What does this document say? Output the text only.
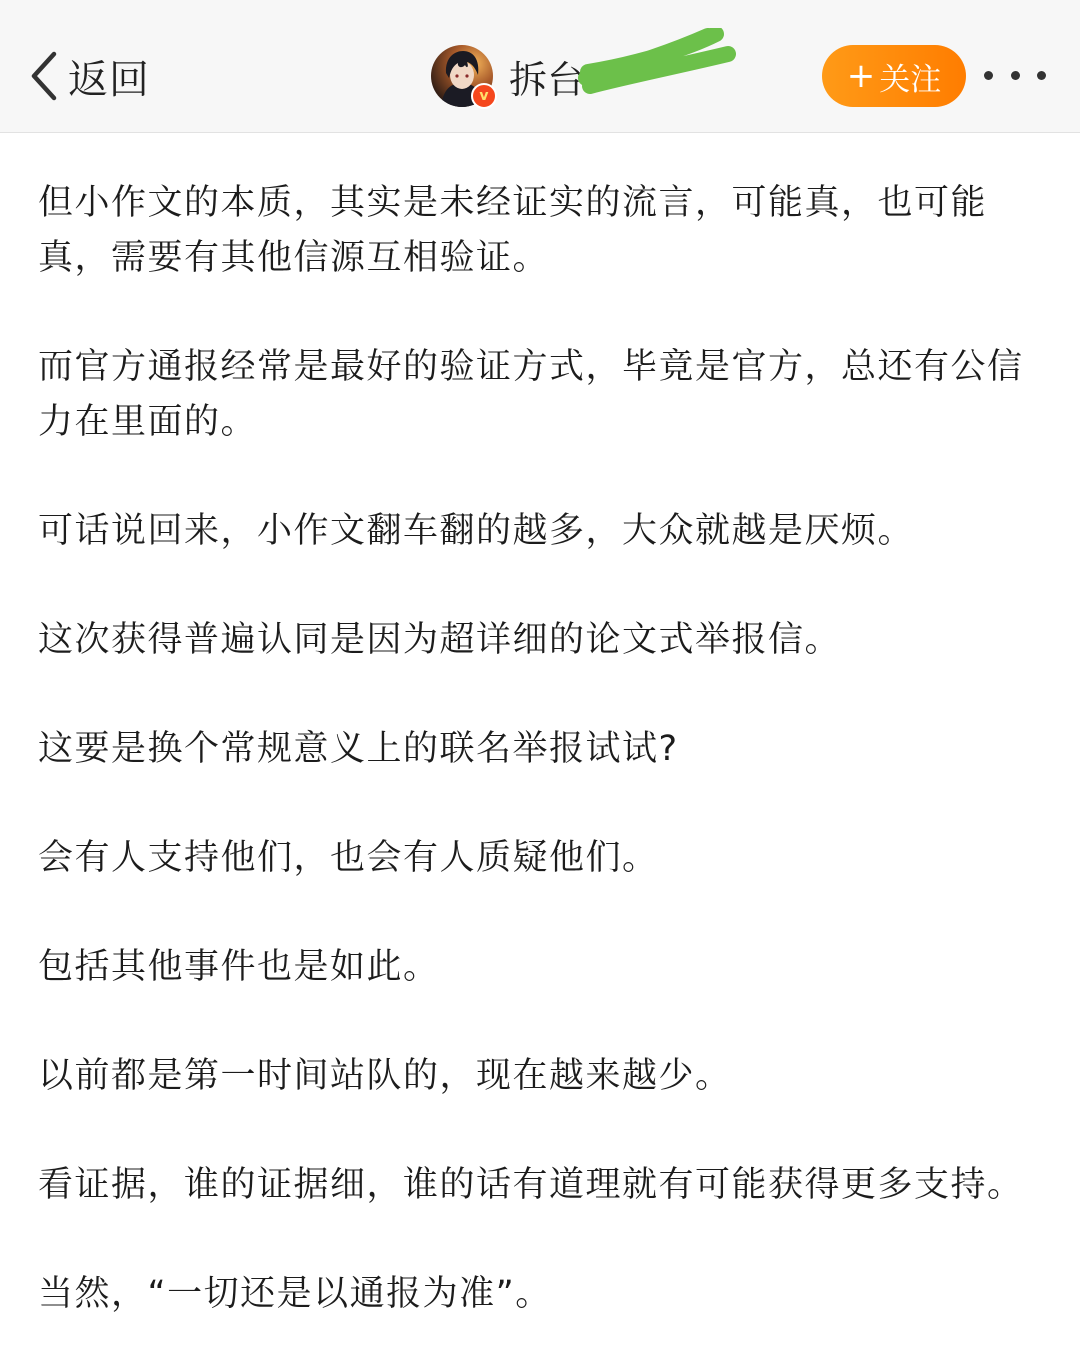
返回	v 拆台	+ 关注

但小作文的本质，其实是未经证实的流言，可能真，也可能真，需要有其他信源互相验证。

而官方通报经常是最好的验证方式，毕竟是官方，总还有公信力在里面的。

可话说回来，小作文翻车翻的越多，大众就越是厌烦。

这次获得普遍认同是因为超详细的论文式举报信。

这要是换个常规意义上的联名举报试试?

会有人支持他们，也会有人质疑他们。

包括其他事件也是如此。

以前都是第一时间站队的，现在越来越少。

看证据，谁的证据细，谁的话有道理就有可能获得更多支持。

当然，“一切还是以通报为准”。
